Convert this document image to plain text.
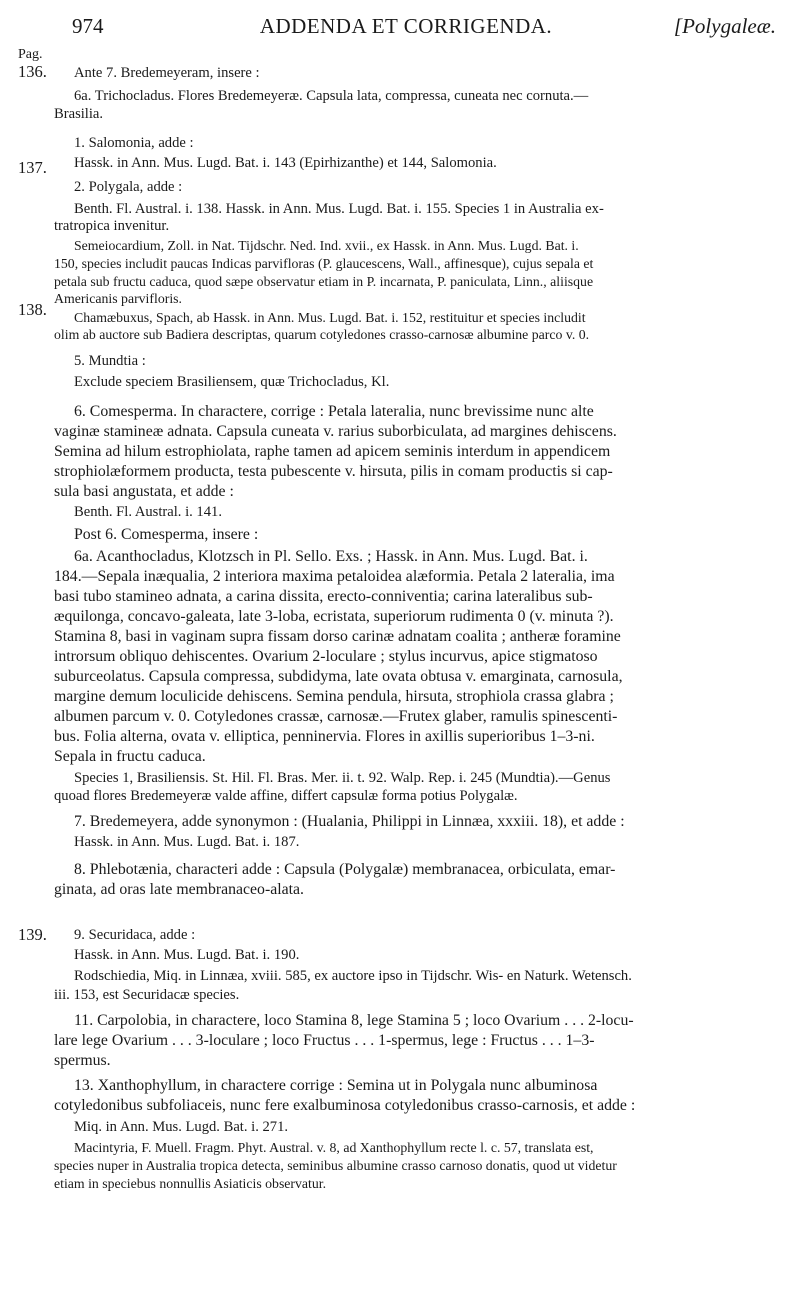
974	ADDENDA ET CORRIGENDA.	[Polygaleæ.
Pag.
136.
137.
138.
139.
Ante 7. Bredemeyeram, insere :
6a. Trichocladus. Flores Bredemeyeræ. Capsula lata, compressa, cuneata nec cornuta.—
Brasilia.
1. Salomonia, adde :
Hassk. in Ann. Mus. Lugd. Bat. i. 143 (Epirhizanthe) et 144, Salomonia.
2. Polygala, adde :
Benth. Fl. Austral. i. 138. Hassk. in Ann. Mus. Lugd. Bat. i. 155. Species 1 in Australia ex-
tratropica invenitur.
Semeiocardium, Zoll. in Nat. Tijdschr. Ned. Ind. xvii., ex Hassk. in Ann. Mus. Lugd. Bat. i.
150, species includit paucas Indicas parvifloras (P. glaucescens, Wall., affinesque), cujus sepala et
petala sub fructu caduca, quod sæpe observatur etiam in P. incarnata, P. paniculata, Linn., aliisque
Americanis parvifloris.
Chamæbuxus, Spach, ab Hassk. in Ann. Mus. Lugd. Bat. i. 152, restituitur et species includit
olim ab auctore sub Badiera descriptas, quarum cotyledones crasso-carnosæ albumine parco v. 0.
5. Mundtia :
Exclude speciem Brasiliensem, quæ Trichocladus, Kl.
6. Comesperma. In charactere, corrige : Petala lateralia, nunc brevissime nunc alte
vaginæ stamineæ adnata. Capsula cuneata v. rarius suborbiculata, ad margines dehiscens.
Semina ad hilum estrophiolata, raphe tamen ad apicem seminis interdum in appendicem
strophiolæformem producta, testa pubescente v. hirsuta, pilis in comam productis si cap-
sula basi angustata, et adde :
Benth. Fl. Austral. i. 141.
Post 6. Comesperma, insere :
6a. Acanthocladus, Klotzsch in Pl. Sello. Exs. ; Hassk. in Ann. Mus. Lugd. Bat. i.
184.—Sepala inæqualia, 2 interiora maxima petaloidea alæformia. Petala 2 lateralia, ima
basi tubo stamineo adnata, a carina dissita, erecto-conniventia; carina lateralibus sub-
æquilonga, concavo-galeata, late 3-loba, ecristata, superiorum rudimenta 0 (v. minuta ?).
Stamina 8, basi in vaginam supra fissam dorso carinæ adnatam coalita ; antheræ foramine
introrsum obliquo dehiscentes. Ovarium 2-loculare ; stylus incurvus, apice stigmatoso
suburceolatus. Capsula compressa, subdidyma, late ovata obtusa v. emarginata, carnosula,
margine demum loculicide dehiscens. Semina pendula, hirsuta, strophiola crassa glabra ;
albumen parcum v. 0. Cotyledones crassæ, carnosæ.—Frutex glaber, ramulis spinescenti-
bus. Folia alterna, ovata v. elliptica, penninervia. Flores in axillis superioribus 1–3-ni.
Sepala in fructu caduca.
Species 1, Brasiliensis. St. Hil. Fl. Bras. Mer. ii. t. 92. Walp. Rep. i. 245 (Mundtia).—Genus
quoad flores Bredemeyeræ valde affine, differt capsulæ forma potius Polygalæ.
7. Bredemeyera, adde synonymon : (Hualania, Philippi in Linnæa, xxxiii. 18), et adde :
Hassk. in Ann. Mus. Lugd. Bat. i. 187.
8. Phlebotænia, characteri adde : Capsula (Polygalæ) membranacea, orbiculata, emar-
ginata, ad oras late membranaceo-alata.
9. Securidaca, adde :
Hassk. in Ann. Mus. Lugd. Bat. i. 190.
Rodschiedia, Miq. in Linnæa, xviii. 585, ex auctore ipso in Tijdschr. Wis- en Naturk. Wetensch.
iii. 153, est Securidacæ species.
11. Carpolobia, in charactere, loco Stamina 8, lege Stamina 5 ; loco Ovarium . . . 2-locu-
lare lege Ovarium . . . 3-loculare ; loco Fructus . . . 1-spermus, lege : Fructus . . . 1–3-
spermus.
13. Xanthophyllum, in charactere corrige : Semina ut in Polygala nunc albuminosa
cotyledonibus subfoliaceis, nunc fere exalbuminosa cotyledonibus crasso-carnosis, et adde :
Miq. in Ann. Mus. Lugd. Bat. i. 271.
Macintyria, F. Muell. Fragm. Phyt. Austral. v. 8, ad Xanthophyllum recte l. c. 57, translata est,
species nuper in Australia tropica detecta, seminibus albumine crasso carnoso donatis, quod ut videtur
etiam in speciebus nonnullis Asiaticis observatur.
